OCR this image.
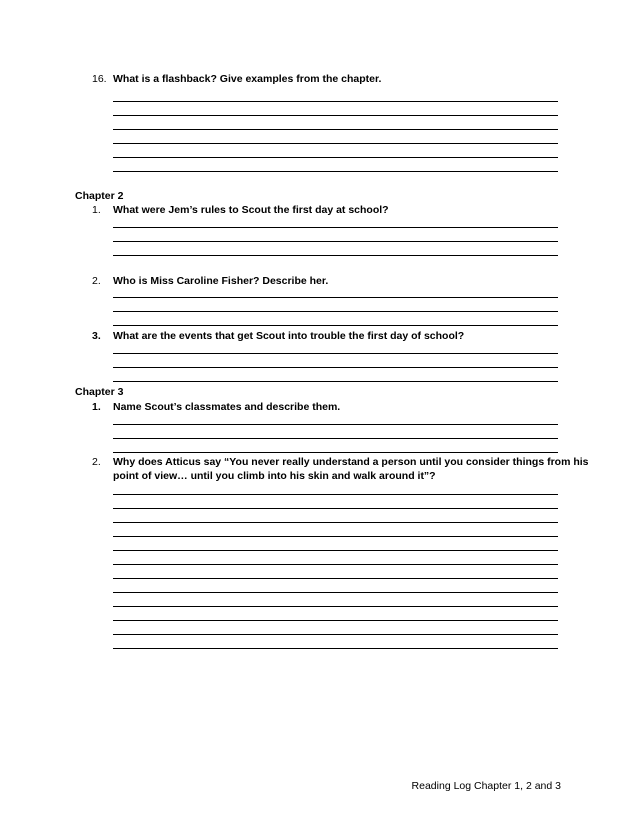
16. What is a flashback? Give examples from the chapter.
Chapter 2
1. What were Jem’s rules to Scout the first day at school?
2. Who is Miss Caroline Fisher? Describe her.
3. What are the events that get Scout into trouble the first day of school?
Chapter 3
1. Name Scout’s classmates and describe them.
2. Why does Atticus say “You never really understand a person until you consider things from his
point of view… until you climb into his skin and walk around it”?
Reading Log Chapter 1, 2 and 3
